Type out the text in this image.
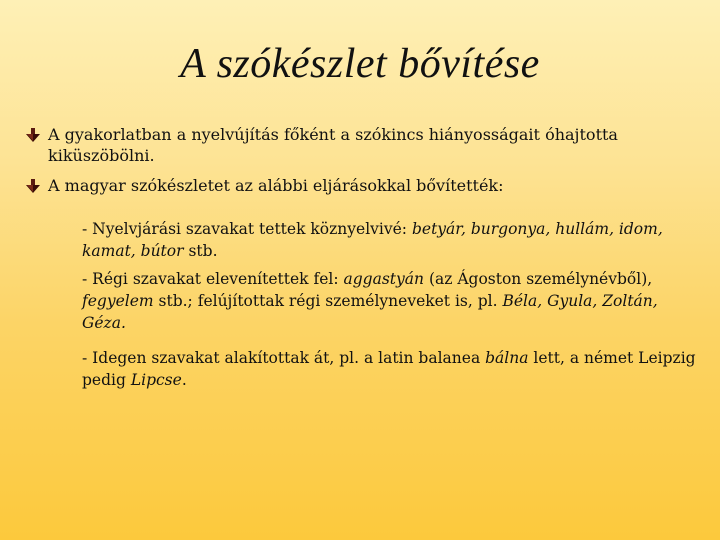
A szókészlet bővítése
A gyakorlatban a nyelvújítás főként a szókincs hiányosságait óhajtotta kiküszöbölni.
A magyar szókészletet az alábbi eljárásokkal bővítették:
- Nyelvjárási szavakat tettek köznyelvivé: betyár, burgonya, hullám, idom, kamat, bútor stb.
- Régi szavakat elevenítettek fel: aggastyán (az Ágoston személynévből), fegyelem stb.; felújítottak régi személyneveket is, pl. Béla, Gyula, Zoltán, Géza.
- Idegen szavakat alakítottak át, pl. a latin balanea bálna lett, a német Leipzig pedig Lipcse.
